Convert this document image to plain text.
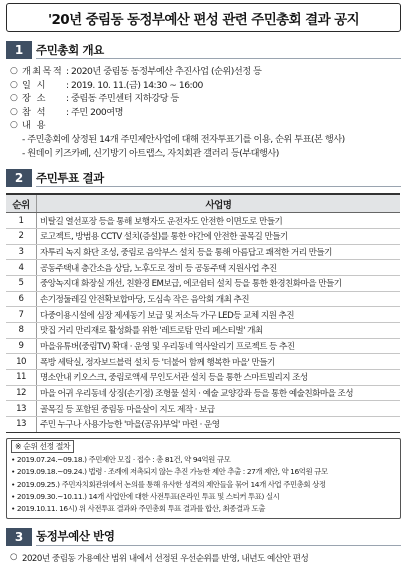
'20년 중림동 동정부예산 편성 관련 주민총회 결과 공지
1	주민총회 개요
○ 개최목적 : 2020년 중림동 동정부예산 추진사업 (순위)선정 등
○ 일 시	: 2019. 10. 11.(금) 14:30 ~ 16:00
○ 장 소	: 중림동 주민센터 지하강당 등
○ 참 석	: 주민 200여명
○ 내 용
- 주민총회에 상정된 14개 주민제안사업에 대해 전자투표기를 이용, 순위 투표(본 행사)
- 원데이 키즈카페, 신기방기 아트랩스, 자치회관 갤러리 등(부대행사)
2	주민투표 결과
순위	사업명
1	비탈길 열선포장 등을 통해 보행자도 운전자도 안전한 이면도로 만들기
2	로고젝트, 방범용 CCTV 설치(증설)를 통한 야간에 안전한 골목길 만들기
3	자투리 녹지 화단 조성, 중림로 음악부스 설치 등을 통해 아름답고 쾌적한 거리 만들기
4	공동주택내 층간소음 상담, 노후도로 정비 등 공동주택 지원사업 추진
5	중앙녹지대 화장실 개선, 친환경 EM보급, 에코쉼터 설치 등을 통한 환경친화마을 만들기
6	손기정둘레길 안전확보합마당, 도심속 작은 음악회 개최 추진
7	다중이용시설에 심장 제세동기 보급 및 저소득 가구 LED등 교체 지원 추진
8	맛집 거리 만리재로 활성화를 위한 '레트로탐 만리 페스티벌' 개최
9	마을유튜버(중림TV) 확대 · 운영 및 우리동네 역사알리기 프로젝트 등 추진
10	폭방 세탁실, 정자보드블럭 설치 등 '더불어 함께 행복한 마을' 만들기
11	명소안내 키오스크, 중림로액세 무인도서관 설치 등을 통한 스마트빌리지 조성
12	마을 어귀 우리동네 상징(손기정) 조형물 설치 · 예술 교양강좌 등을 통한 예술친화마을 조성
13	골목길 등 포함된 중림동 마을살이 지도 제작 · 보급
13	주민 누구나 사용가능한 '마을(공유)부엌' 마련 · 운영
※ 순위 선정 절차
• 2019.07.24.~09.18.) 주민제안 모집 · 접수 : 총 81건, 약 94억원 규모
• 2019.09.18.~09.24.) 법령 · 조례에 저촉되지 않는 추진 가능한 제안 추출 : 27개 제안, 약 16억원 규모
• 2019.09.25.) 주민자치회관위에서 논의를 통해 유사한 성격의 제안들을 묶어 14개 사업 주민총회 상정
• 2019.09.30.~10.11.) 14개 사업안에 대한 사전투표(온라인 투표 및 스티커 투표) 실시
• 2019.10.11. 16시) 위 사전투표 결과와 주민총회 투표 결과를 합산, 최종결과 도출
3	동정부예산 반영
○ 2020년 중림동 가용예산 범위 내에서 선정된 우선순위를 반영, 내년도 예산안 편성
